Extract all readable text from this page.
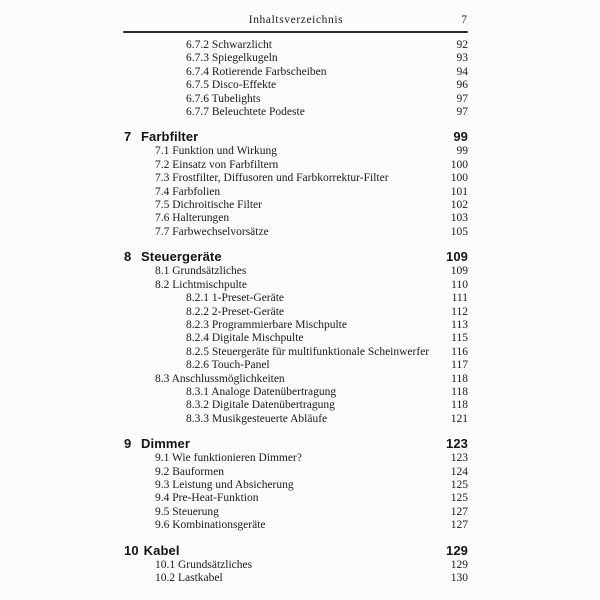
Inhaltsverzeichnis	7
6.7.2 Schwarzlicht	92
6.7.3 Spiegelkugeln	93
6.7.4 Rotierende Farbscheiben	94
6.7.5 Disco-Effekte	96
6.7.6 Tubelights	97
6.7.7 Beleuchtete Podeste	97
7 Farbfilter	99
7.1 Funktion und Wirkung	99
7.2 Einsatz von Farbfiltern	100
7.3 Frostfilter, Diffusoren und Farbkorrektur-Filter	100
7.4 Farbfolien	101
7.5 Dichroitische Filter	102
7.6 Halterungen	103
7.7 Farbwechselvorsätze	105
8 Steuergeräte	109
8.1 Grundsätzliches	109
8.2 Lichtmischpulte	110
8.2.1 1-Preset-Geräte	111
8.2.2 2-Preset-Geräte	112
8.2.3 Programmierbare Mischpulte	113
8.2.4 Digitale Mischpulte	115
8.2.5 Steuergeräte für multifunktionale Scheinwerfer 116
8.2.6 Touch-Panel	117
8.3 Anschlussmöglichkeiten	118
8.3.1 Analoge Datenübertragung	118
8.3.2 Digitale Datenübertragung	118
8.3.3 Musikgesteuerte Abläufe	121
9 Dimmer	123
9.1 Wie funktionieren Dimmer?	123
9.2 Bauformen	124
9.3 Leistung und Absicherung	125
9.4 Pre-Heat-Funktion	125
9.5 Steuerung	127
9.6 Kombinationsgeräte	127
10 Kabel	129
10.1 Grundsätzliches	129
10.2 Lastkabel	130
